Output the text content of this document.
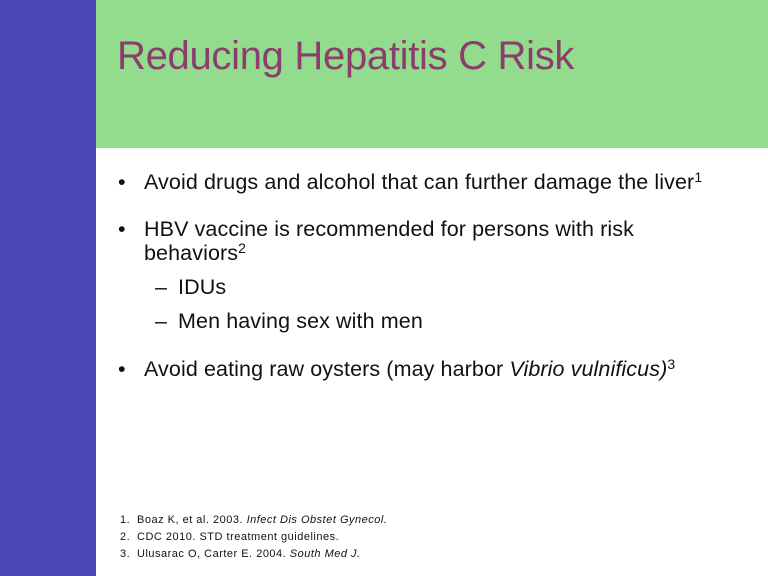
Reducing Hepatitis C Risk
• Avoid drugs and alcohol that can further damage the liver$^1$
• HBV vaccine is recommended for persons with risk behaviors$^2$
– IDUs
– Men having sex with men
• Avoid eating raw oysters (may harbor Vibrio vulnificus)$^3$

1. Boaz K, et al. 2003. Infect Dis Obstet Gynecol.

2. CDC 2010. STD treatment guidelines.

3. Ulusarac O, Carter E. 2004. South Med J.
